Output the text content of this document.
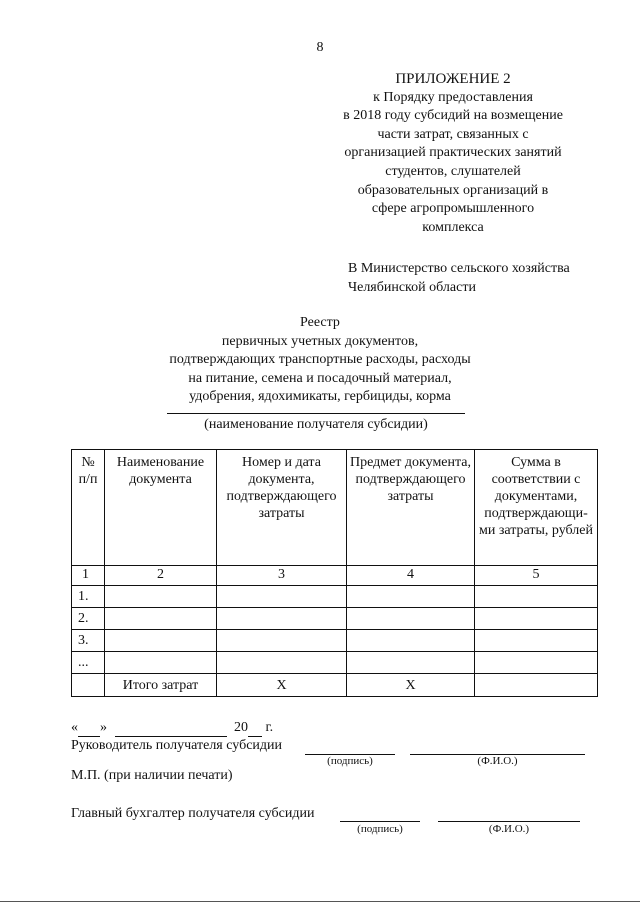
8
ПРИЛОЖЕНИЕ 2
к Порядку предоставления
в 2018 году субсидий на возмещение
части затрат, связанных с
организацией практических занятий
студентов, слушателей
образовательных организаций в
сфере агропромышленного
комплекса
В Министерство сельского хозяйства
Челябинской области
Реестр
первичных учетных документов,
подтверждающих транспортные расходы, расходы
на питание, семена и посадочный материал,
удобрения, ядохимикаты, гербициды, корма
(наименование получателя субсидии)
№ п/п	Наименование документа	Номер и дата документа, подтверждающего затраты	Предмет документа, подтверждающего затраты	Сумма в соответствии с документами, подтверждающи-ми затраты, рублей
1	2	3	4	5
1.				
2.				
3.				
...				
	Итого затрат	Х	Х	
« »	20 г.
Руководитель получателя субсидии
(подпись)	(Ф.И.О.)
М.П. (при наличии печати)
Главный бухгалтер получателя субсидии
(подпись)	(Ф.И.О.)
